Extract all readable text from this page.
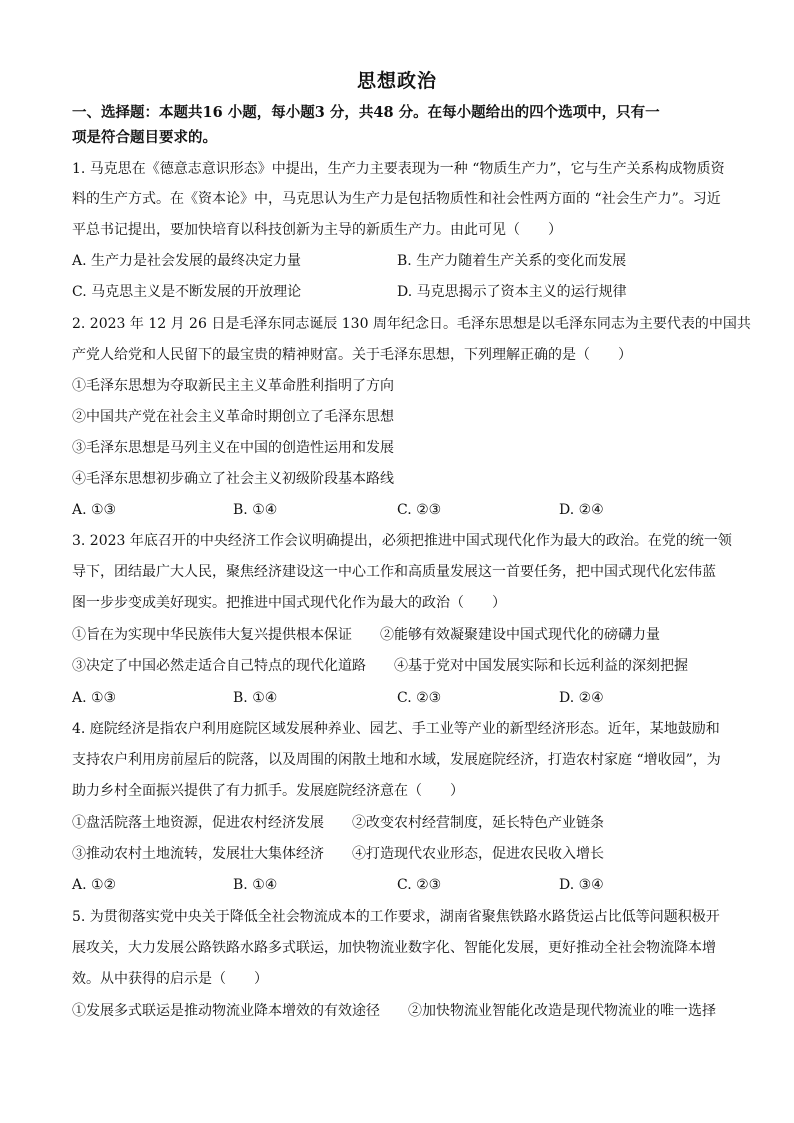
思想政治
一、选择题：本题共16 小题，每小题3 分，共48 分。在每小题给出的四个选项中，只有一
项是符合题目要求的。
1. 马克思在《德意志意识形态》中提出，生产力主要表现为一种 “物质生产力”，它与生产关系构成物质资
料的生产方式。在《资本论》中，马克思认为生产力是包括物质性和社会性两方面的 “社会生产力”。习近
平总书记提出，要加快培育以科技创新为主导的新质生产力。由此可见（　　）
A. 生产力是社会发展的最终决定力量	B. 生产力随着生产关系的变化而发展
C. 马克思主义是不断发展的开放理论	D. 马克思揭示了资本主义的运行规律
2. 2023 年 12 月 26 日是毛泽东同志诞辰 130 周年纪念日。毛泽东思想是以毛泽东同志为主要代表的中国共
产党人给党和人民留下的最宝贵的精神财富。关于毛泽东思想，下列理解正确的是（　　）
①毛泽东思想为夺取新民主主义革命胜利指明了方向
②中国共产党在社会主义革命时期创立了毛泽东思想
③毛泽东思想是马列主义在中国的创造性运用和发展
④毛泽东思想初步确立了社会主义初级阶段基本路线
A. ①③	B. ①④	C. ②③	D. ②④
3. 2023 年底召开的中央经济工作会议明确提出，必须把推进中国式现代化作为最大的政治。在党的统一领
导下，团结最广大人民，聚焦经济建设这一中心工作和高质量发展这一首要任务，把中国式现代化宏伟蓝
图一步步变成美好现实。把推进中国式现代化作为最大的政治（　　）
①旨在为实现中华民族伟大复兴提供根本保证　　②能够有效凝聚建设中国式现代化的磅礴力量
③决定了中国必然走适合自己特点的现代化道路　　④基于党对中国发展实际和长远利益的深刻把握
A. ①③	B. ①④	C. ②③	D. ②④
4. 庭院经济是指农户利用庭院区域发展种养业、园艺、手工业等产业的新型经济形态。近年，某地鼓励和
支持农户利用房前屋后的院落，以及周围的闲散土地和水域，发展庭院经济，打造农村家庭 “增收园”，为
助力乡村全面振兴提供了有力抓手。发展庭院经济意在（　　）
①盘活院落土地资源，促进农村经济发展　　②改变农村经营制度，延长特色产业链条
③推动农村土地流转，发展壮大集体经济　　④打造现代农业形态，促进农民收入增长
A. ①②	B. ①④	C. ②③	D. ③④
5. 为贯彻落实党中央关于降低全社会物流成本的工作要求，湖南省聚焦铁路水路货运占比低等问题积极开
展攻关，大力发展公路铁路水路多式联运，加快物流业数字化、智能化发展，更好推动全社会物流降本增
效。从中获得的启示是（　　）
①发展多式联运是推动物流业降本增效的有效途径　　②加快物流业智能化改造是现代物流业的唯一选择
